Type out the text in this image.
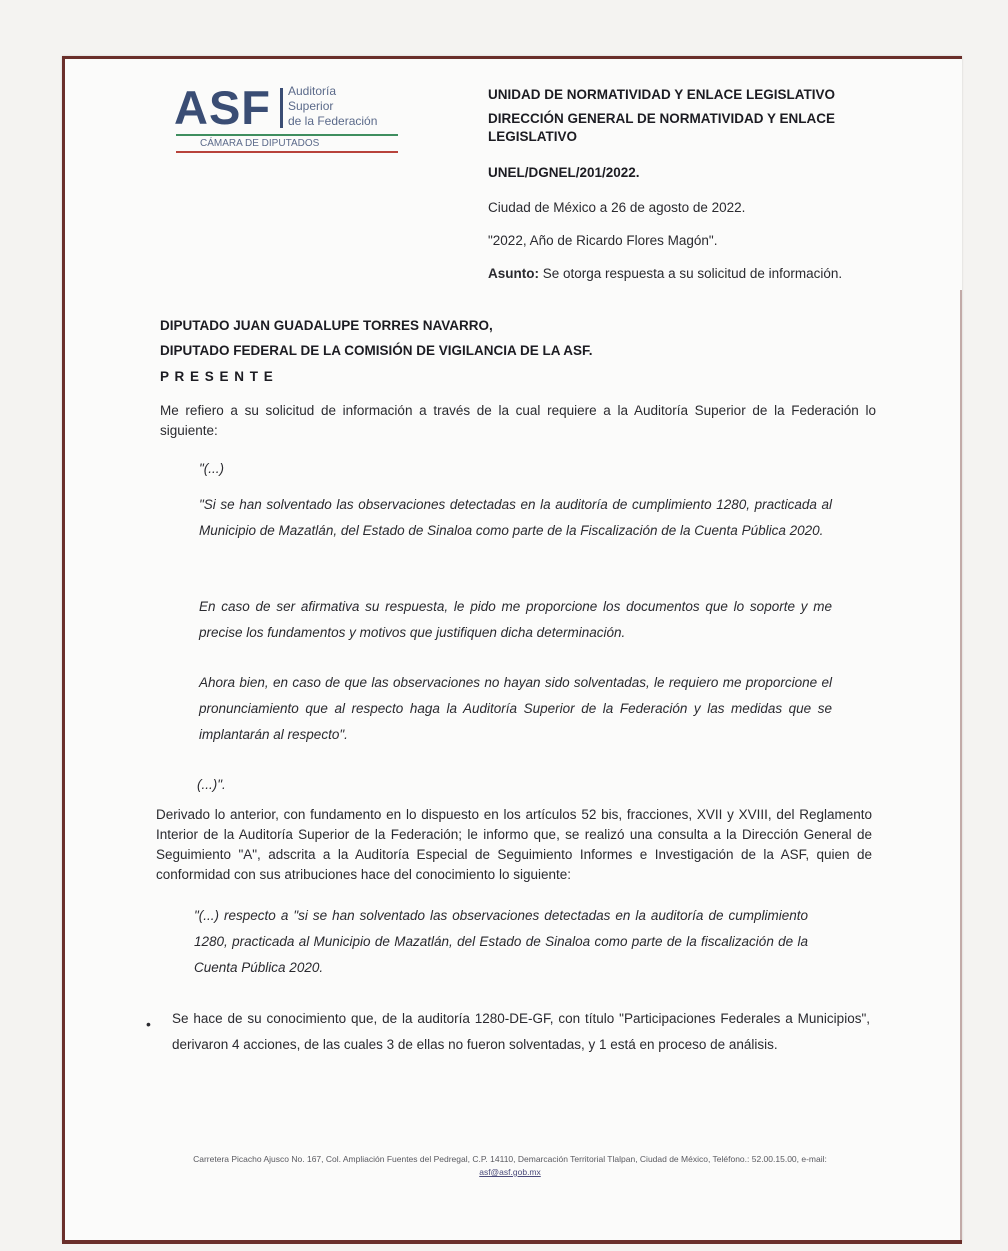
ASF Auditoría
Superior
de la Federación
CÁMARA DE DIPUTADOS
UNIDAD DE NORMATIVIDAD Y ENLACE LEGISLATIVO
DIRECCIÓN GENERAL DE NORMATIVIDAD Y ENLACE
LEGISLATIVO
UNEL/DGNEL/201/2022.
Ciudad de México a 26 de agosto de 2022.
"2022, Año de Ricardo Flores Magón".
Asunto: Se otorga respuesta a su solicitud de información.
DIPUTADO JUAN GUADALUPE TORRES NAVARRO,
DIPUTADO FEDERAL DE LA COMISIÓN DE VIGILANCIA DE LA ASF.
P R E S E N T E
Me refiero a su solicitud de información a través de la cual requiere a la Auditoría Superior de la Federación lo siguiente:
"(...)
"Si se han solventado las observaciones detectadas en la auditoría de cumplimiento 1280, practicada al Municipio de Mazatlán, del Estado de Sinaloa como parte de la Fiscalización de la Cuenta Pública 2020.
En caso de ser afirmativa su respuesta, le pido me proporcione los documentos que lo soporte y me precise los fundamentos y motivos que justifiquen dicha determinación.
Ahora bien, en caso de que las observaciones no hayan sido solventadas, le requiero me proporcione el pronunciamiento que al respecto haga la Auditoría Superior de la Federación y las medidas que se implantarán al respecto".
(...)".
Derivado lo anterior, con fundamento en lo dispuesto en los artículos 52 bis, fracciones, XVII y XVIII, del Reglamento Interior de la Auditoría Superior de la Federación; le informo que, se realizó una consulta a la Dirección General de Seguimiento "A", adscrita a la Auditoría Especial de Seguimiento Informes e Investigación de la ASF, quien de conformidad con sus atribuciones hace del conocimiento lo siguiente:
"(...) respecto a "si se han solventado las observaciones detectadas en la auditoría de cumplimiento 1280, practicada al Municipio de Mazatlán, del Estado de Sinaloa como parte de la fiscalización de la Cuenta Pública 2020.
• Se hace de su conocimiento que, de la auditoría 1280-DE-GF, con título "Participaciones Federales a Municipios", derivaron 4 acciones, de las cuales 3 de ellas no fueron solventadas, y 1 está en proceso de análisis.
Carretera Picacho Ajusco No. 167, Col. Ampliación Fuentes del Pedregal, C.P. 14110, Demarcación Territorial Tlalpan, Ciudad de México, Teléfono.: 52.00.15.00, e-mail:
asf@asf.gob.mx
